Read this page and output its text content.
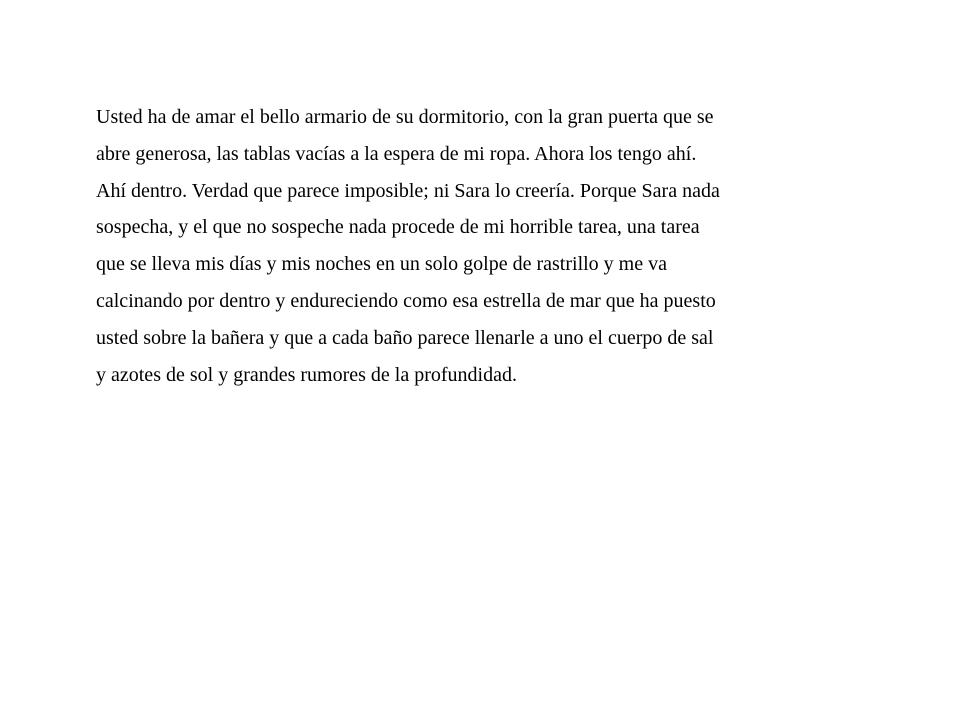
Usted ha de amar el bello armario de su dormitorio, con la gran puerta que se
abre generosa, las tablas vacías a la espera de mi ropa. Ahora los tengo ahí.
Ahí dentro. Verdad que parece imposible; ni Sara lo creería. Porque Sara nada
sospecha, y el que no sospeche nada procede de mi horrible tarea, una tarea
que se lleva mis días y mis noches en un solo golpe de rastrillo y me va
calcinando por dentro y endureciendo como esa estrella de mar que ha puesto
usted sobre la bañera y que a cada baño parece llenarle a uno el cuerpo de sal
y azotes de sol y grandes rumores de la profundidad.
